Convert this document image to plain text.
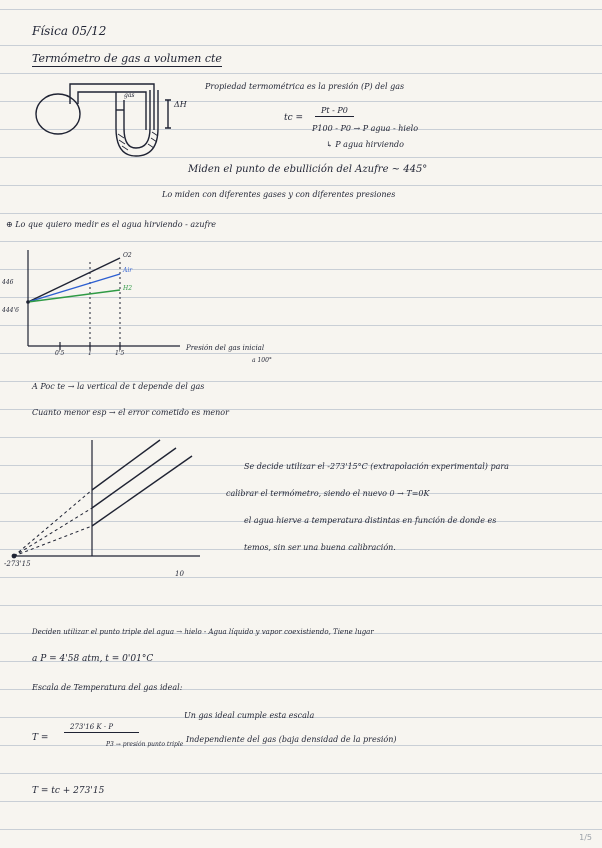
Física 05/12
Termómetro de gas a volumen cte
gas
ΔH
Propiedad termométrica es la presión (P) del gas
tc =
Pt - P0
P100 - P0 → P agua - hielo
↳ P agua hirviendo
Miden el punto de ebullición del Azufre ~ 445°
Lo miden con diferentes gases y con diferentes presiones
⊕ Lo que quiero medir es el agua hirviendo - azufre
446
444'6
O2
Air
H2
0'5	1	1'5
Presión del gas inicial
a 100°
A Poc te → la vertical de t depende del gas
Cuanto menor esp → el error cometido es menor
-273'15
10
Se decide utilizar el -273'15°C (extrapolación experimental) para
calibrar el termómetro, siendo el nuevo 0 → T=0K
el agua hierve a temperatura distintas en función de donde es
temos, sin ser una buena calibración.
Deciden utilizar el punto triple del agua → hielo - Agua líquido y vapor coexistiendo, Tiene lugar
a P = 4'58 atm, t = 0'01°C
Escala de Temperatura del gas ideal:
Un gas ideal cumple esta escala
T =
273'16 K · P
P3 → presión punto triple
Independiente del gas (baja densidad de la presión)
T = tc + 273'15
1/5
